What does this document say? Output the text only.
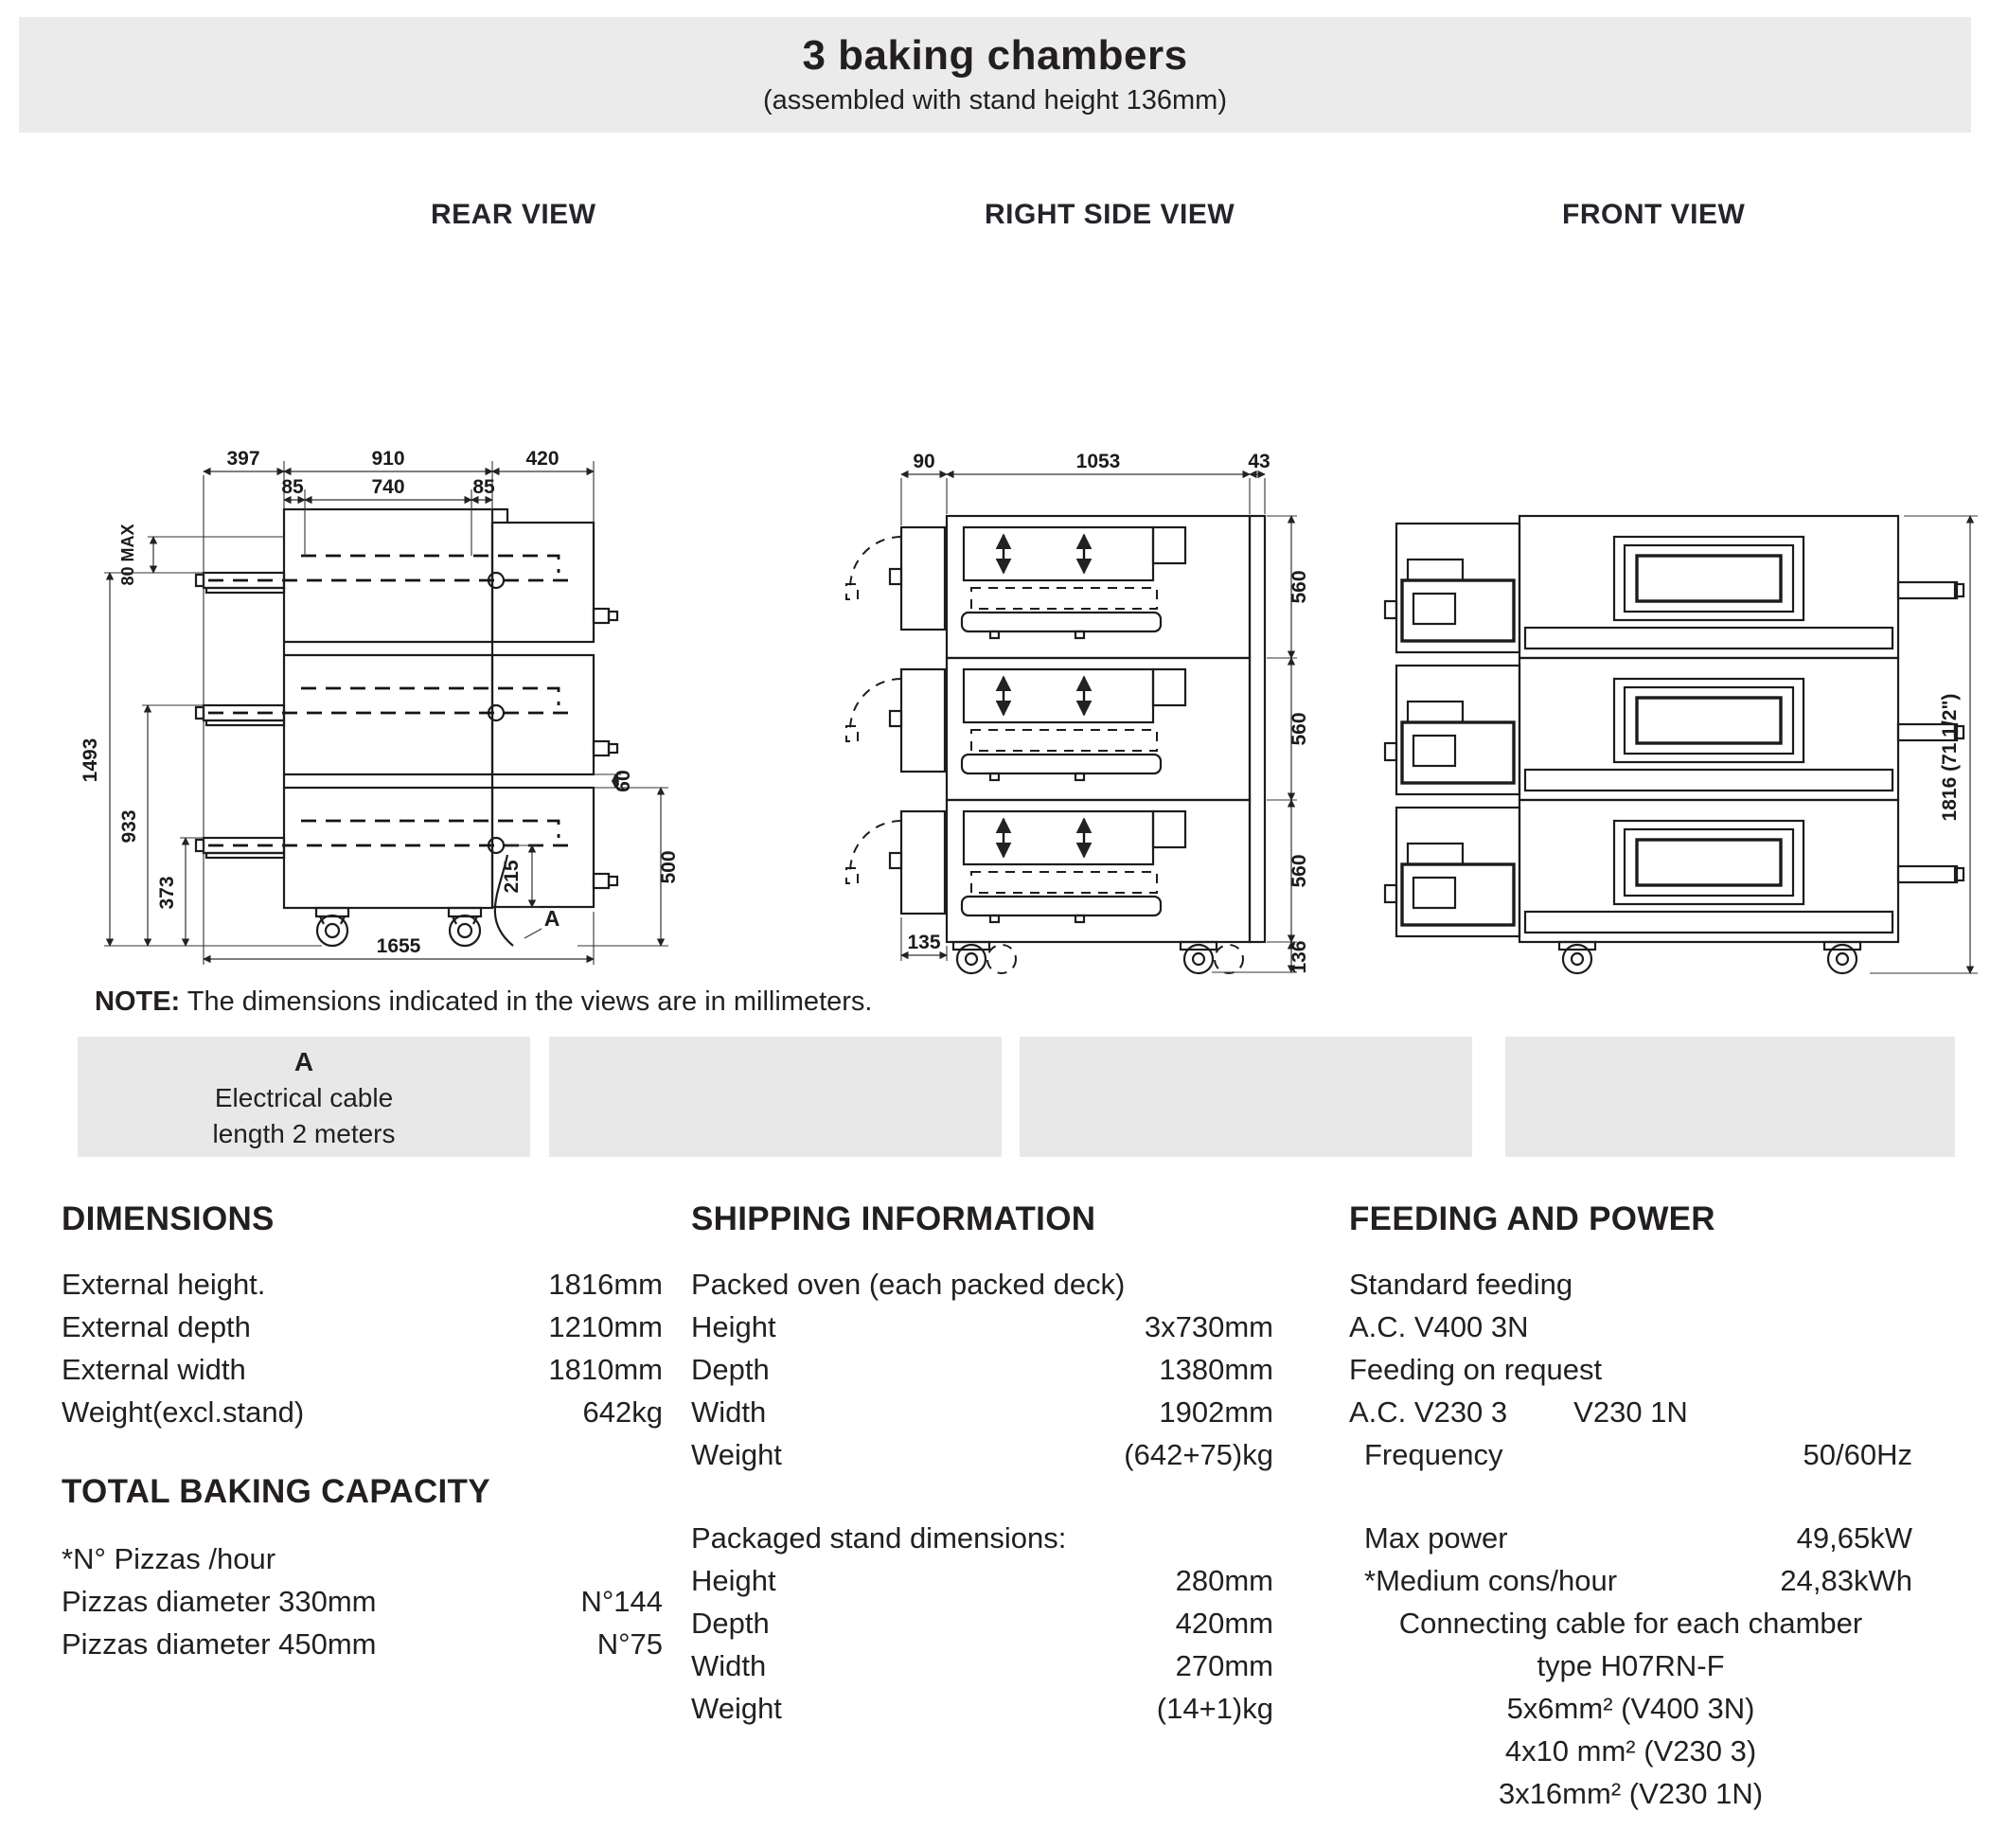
3 baking chambers
(assembled with stand height 136mm)
REAR VIEW	RIGHT SIDE VIEW	FRONT VIEW
397	910	420
85	740	85
80 MAX
1493
933
373
60
500
215
1655
A
90	1053	43
560
560
560
136
135
1816 (71 1/2")
NOTE: The dimensions indicated in the views are in millimeters.
A
Electrical cable
length 2 meters
DIMENSIONS
External height.	1816mm
External depth	1210mm
External width	1810mm
Weight(excl.stand)	642kg
TOTAL BAKING CAPACITY
*N° Pizzas /hour
Pizzas diameter 330mm	N°144
Pizzas diameter 450mm	N°75
SHIPPING INFORMATION
Packed oven (each packed deck)
Height	3x730mm
Depth	1380mm
Width	1902mm
Weight	(642+75)kg
Packaged stand dimensions:
Height	280mm
Depth	420mm
Width	270mm
Weight	(14+1)kg
FEEDING AND POWER
Standard feeding
A.C. V400 3N
Feeding on request
A.C. V230 3 V230 1N
Frequency	50/60Hz
Max power	49,65kW
*Medium cons/hour	24,83kWh
Connecting cable for each chamber
type H07RN-F
5x6mm² (V400 3N)
4x10 mm² (V230 3)
3x16mm² (V230 1N)
